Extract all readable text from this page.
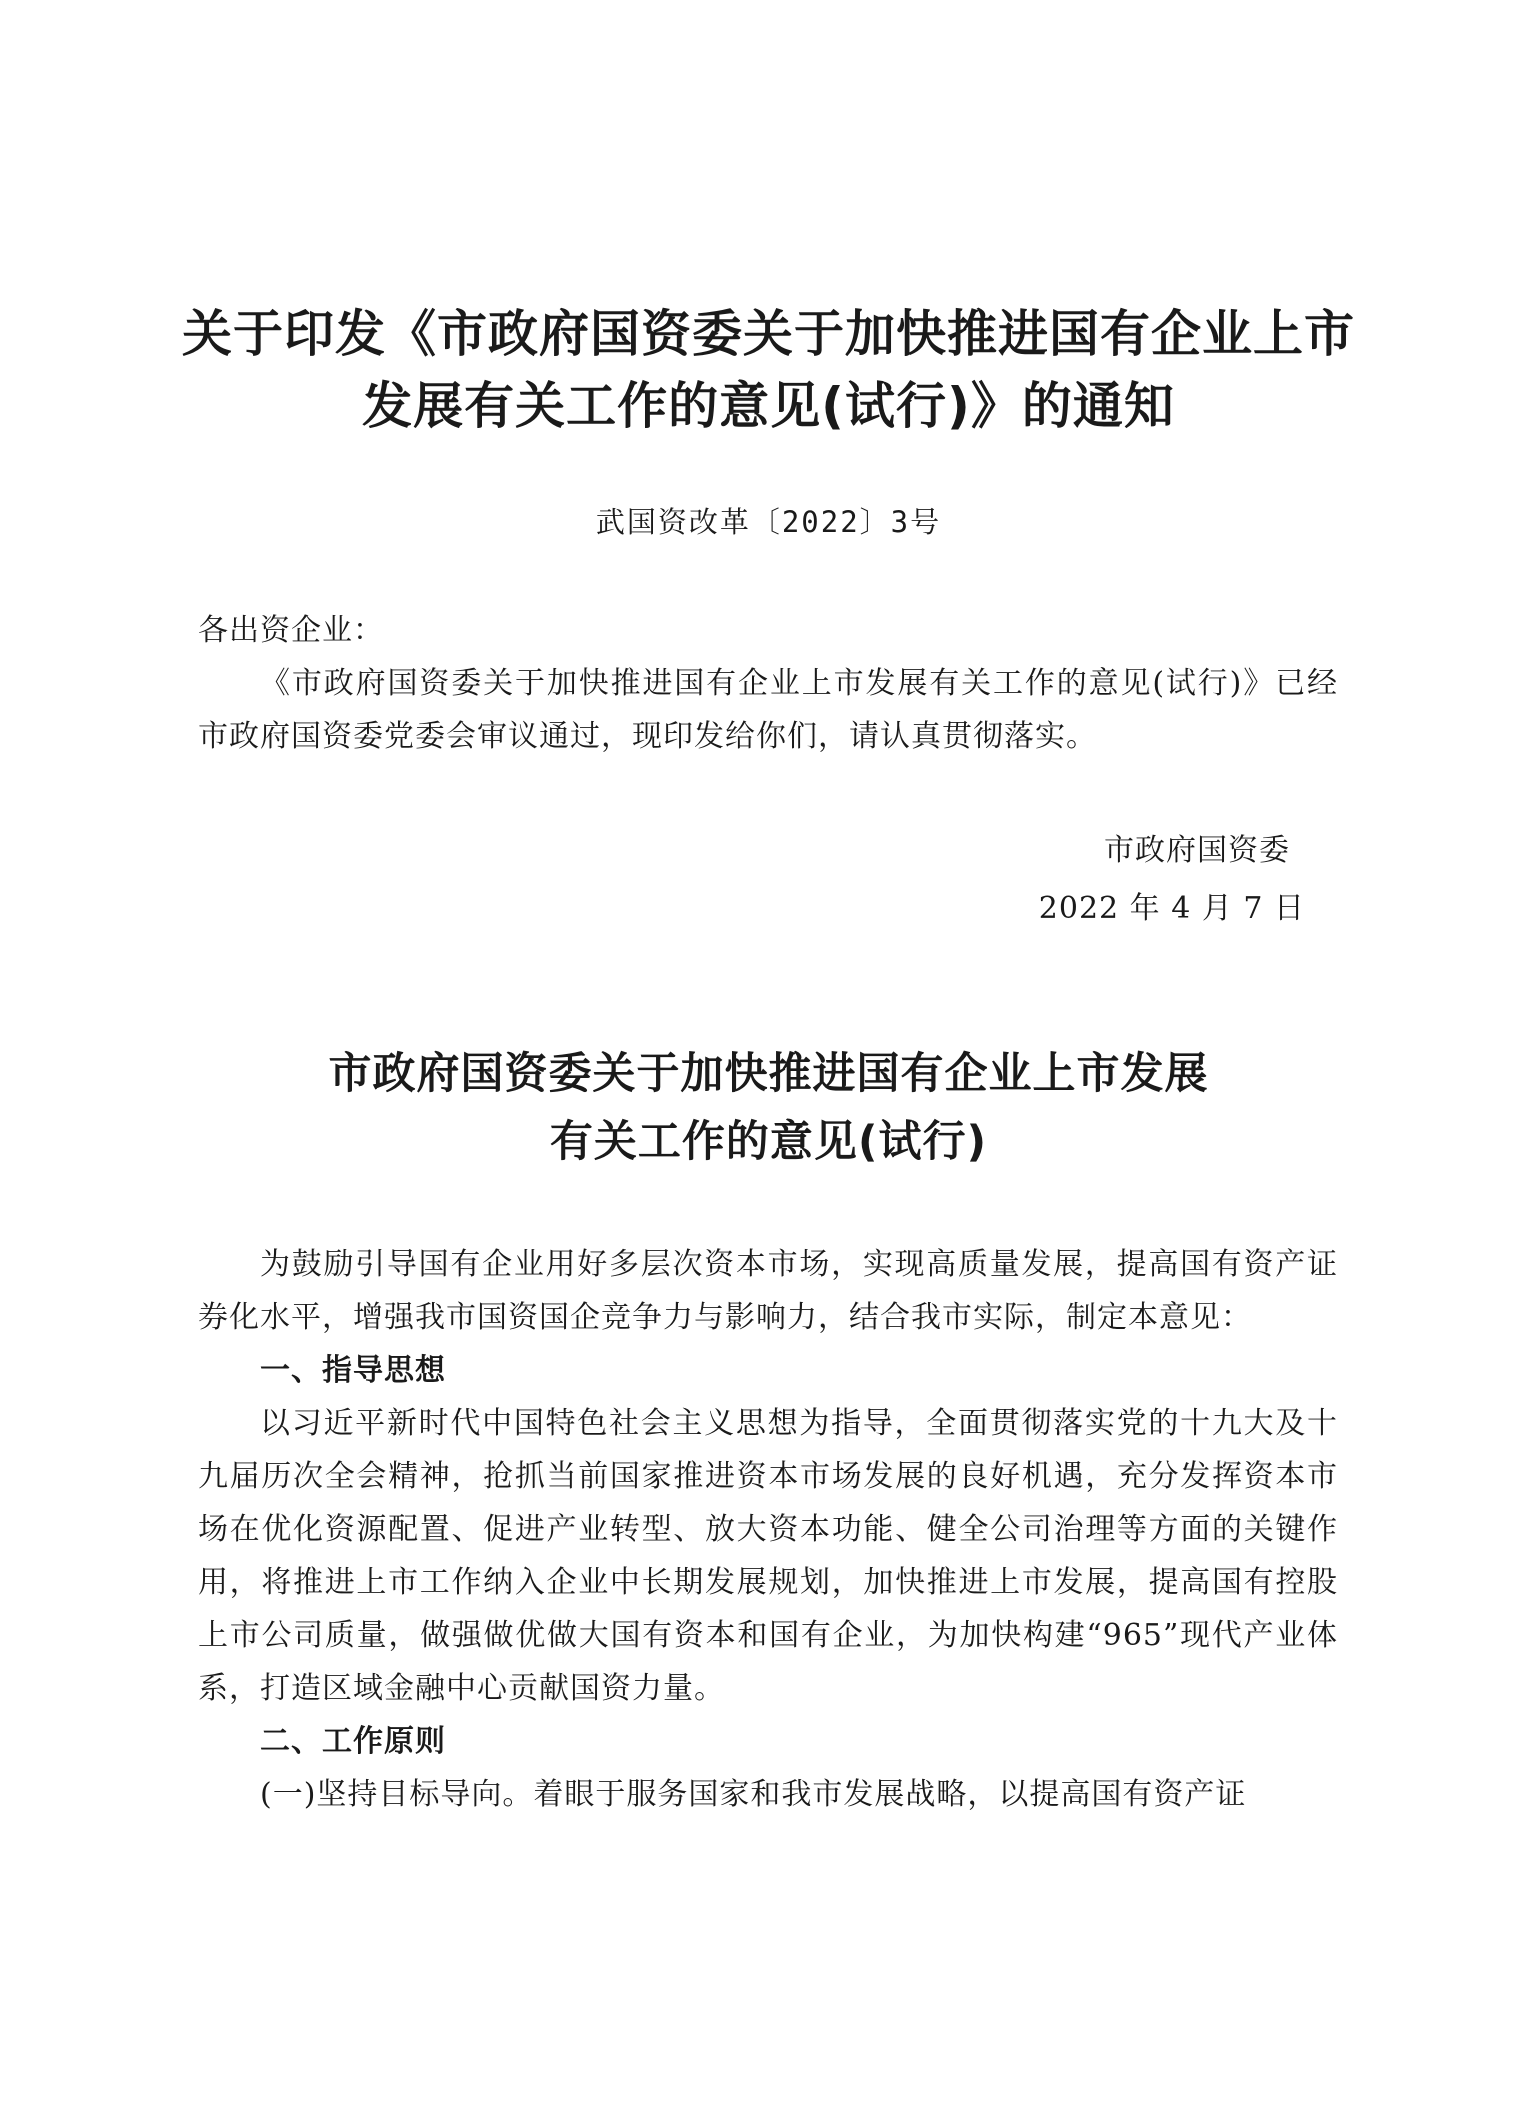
关于印发《市政府国资委关于加快推进国有企业上市
发展有关工作的意见(试行)》的通知
武国资改革〔2022〕3号

各出资企业：

《市政府国资委关于加快推进国有企业上市发展有关工作的意见(试行)》已经市政府国资委党委会审议通过，现印发给你们，请认真贯彻落实。

市政府国资委
2022 年 4 月 7 日
市政府国资委关于加快推进国有企业上市发展
有关工作的意见(试行)

为鼓励引导国有企业用好多层次资本市场，实现高质量发展，提高国有资产证券化水平，增强我市国资国企竞争力与影响力，结合我市实际，制定本意见：

一、指导思想

以习近平新时代中国特色社会主义思想为指导，全面贯彻落实党的十九大及十九届历次全会精神，抢抓当前国家推进资本市场发展的良好机遇，充分发挥资本市场在优化资源配置、促进产业转型、放大资本功能、健全公司治理等方面的关键作用，将推进上市工作纳入企业中长期发展规划，加快推进上市发展，提高国有控股上市公司质量，做强做优做大国有资本和国有企业，为加快构建“965”现代产业体系，打造区域金融中心贡献国资力量。

二、工作原则

(一)坚持目标导向。着眼于服务国家和我市发展战略，以提高国有资产证
